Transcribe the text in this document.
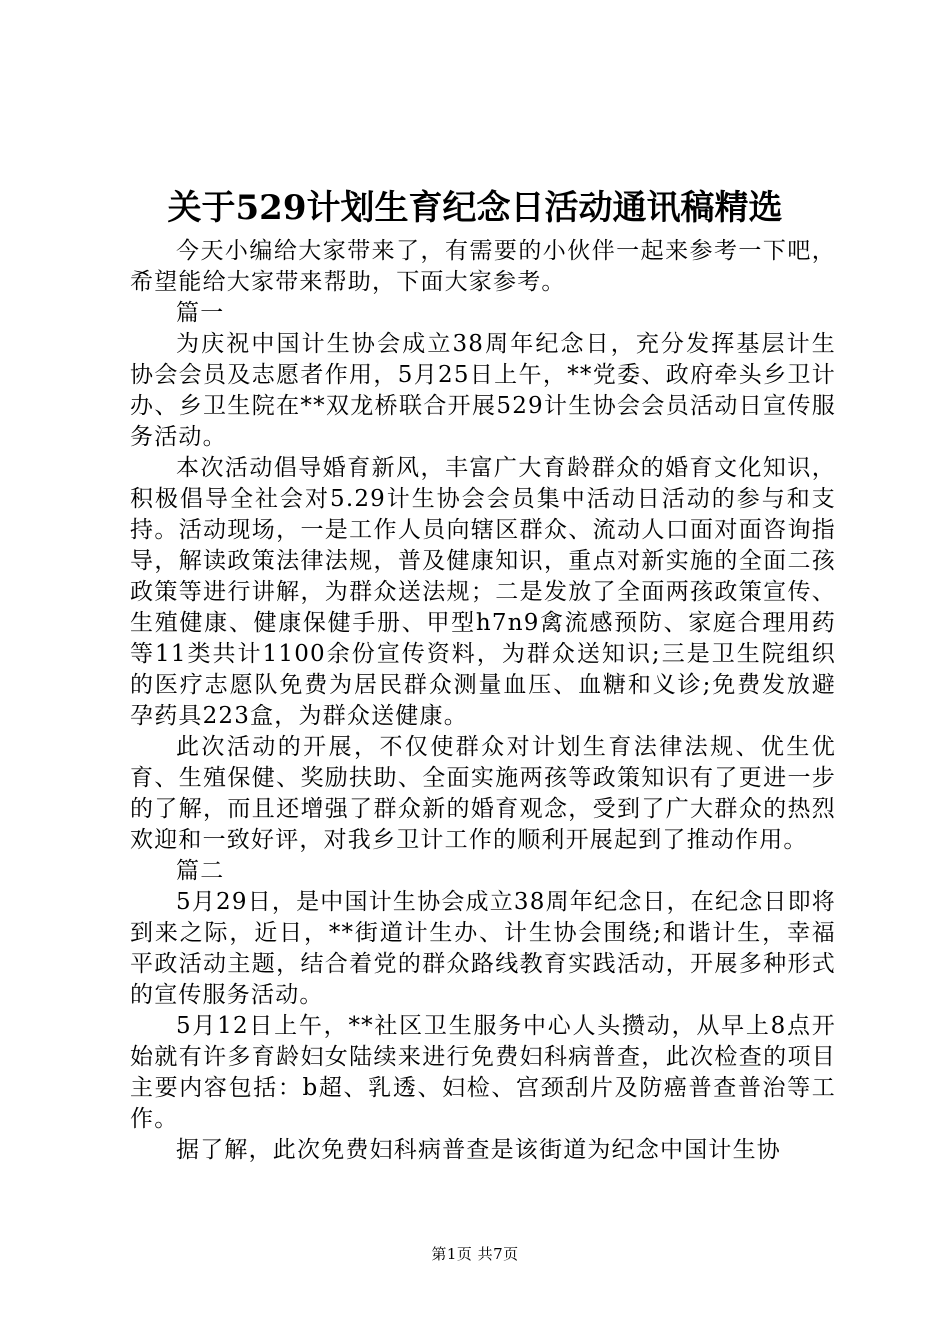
关于529计划生育纪念日活动通讯稿精选

今天小编给大家带来了，有需要的小伙伴一起来参考一下吧，希望能给大家带来帮助，下面大家参考。

篇一

为庆祝中国计生协会成立38周年纪念日，充分发挥基层计生协会会员及志愿者作用，5月25日上午，**党委、政府牵头乡卫计办、乡卫生院在**双龙桥联合开展529计生协会会员活动日宣传服务活动。

本次活动倡导婚育新风，丰富广大育龄群众的婚育文化知识，积极倡导全社会对5.29计生协会会员集中活动日活动的参与和支持。活动现场，一是工作人员向辖区群众、流动人口面对面咨询指导，解读政策法律法规，普及健康知识，重点对新实施的全面二孩政策等进行讲解，为群众送法规；二是发放了全面两孩政策宣传、生殖健康、健康保健手册、甲型h7n9禽流感预防、家庭合理用药等11类共计1100余份宣传资料，为群众送知识;三是卫生院组织的医疗志愿队免费为居民群众测量血压、血糖和义诊;免费发放避孕药具223盒，为群众送健康。

此次活动的开展，不仅使群众对计划生育法律法规、优生优育、生殖保健、奖励扶助、全面实施两孩等政策知识有了更进一步的了解，而且还增强了群众新的婚育观念，受到了广大群众的热烈欢迎和一致好评，对我乡卫计工作的顺利开展起到了推动作用。

篇二

5月29日，是中国计生协会成立38周年纪念日，在纪念日即将到来之际，近日，**街道计生办、计生协会围绕;和谐计生，幸福平政活动主题，结合着党的群众路线教育实践活动，开展多种形式的宣传服务活动。

5月12日上午，**社区卫生服务中心人头攒动，从早上8点开始就有许多育龄妇女陆续来进行免费妇科病普查，此次检查的项目主要内容包括：b超、乳透、妇检、宫颈刮片及防癌普查普治等工作。

据了解，此次免费妇科病普查是该街道为纪念中国计生协

第1页 共7页
